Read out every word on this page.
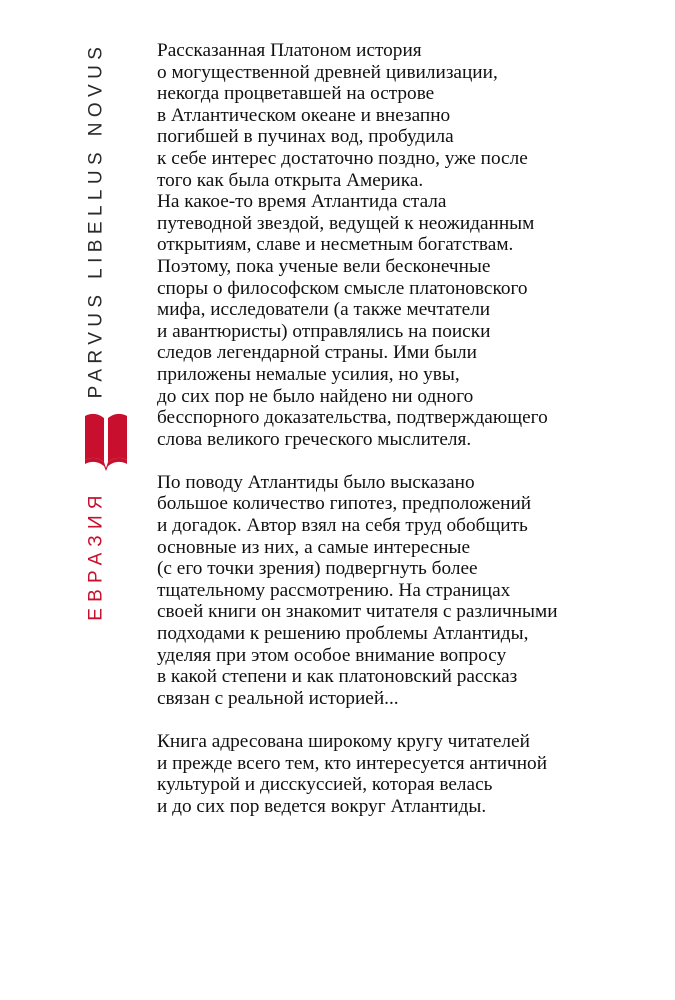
PARVUS LIBELLUS NOVUS
ЕВРАЗИЯ

Рассказанная Платоном история
о могущественной древней цивилизации,
некогда процветавшей на острове
в Атлантическом океане и внезапно
погибшей в пучинах вод, пробудила
к себе интерес достаточно поздно, уже после
того как была открыта Америка.
На какое-то время Атлантида стала
путеводной звездой, ведущей к неожиданным
открытиям, славе и несметным богатствам.
Поэтому, пока ученые вели бесконечные
споры о философском смысле платоновского
мифа, исследователи (а также мечтатели
и авантюристы) отправлялись на поиски
следов легендарной страны. Ими были
приложены немалые усилия, но увы,
до сих пор не было найдено ни одного
бесспорного доказательства, подтверждающего
слова великого греческого мыслителя.

По поводу Атлантиды было высказано
большое количество гипотез, предположений
и догадок. Автор взял на себя труд обобщить
основные из них, а самые интересные
(с его точки зрения) подвергнуть более
тщательному рассмотрению. На страницах
своей книги он знакомит читателя с различными
подходами к решению проблемы Атлантиды,
уделяя при этом особое внимание вопросу
в какой степени и как платоновский рассказ
связан с реальной историей...

Книга адресована широкому кругу читателей
и прежде всего тем, кто интересуется античной
культурой и дисскуссией, которая велась
и до сих пор ведется вокруг Атлантиды.
